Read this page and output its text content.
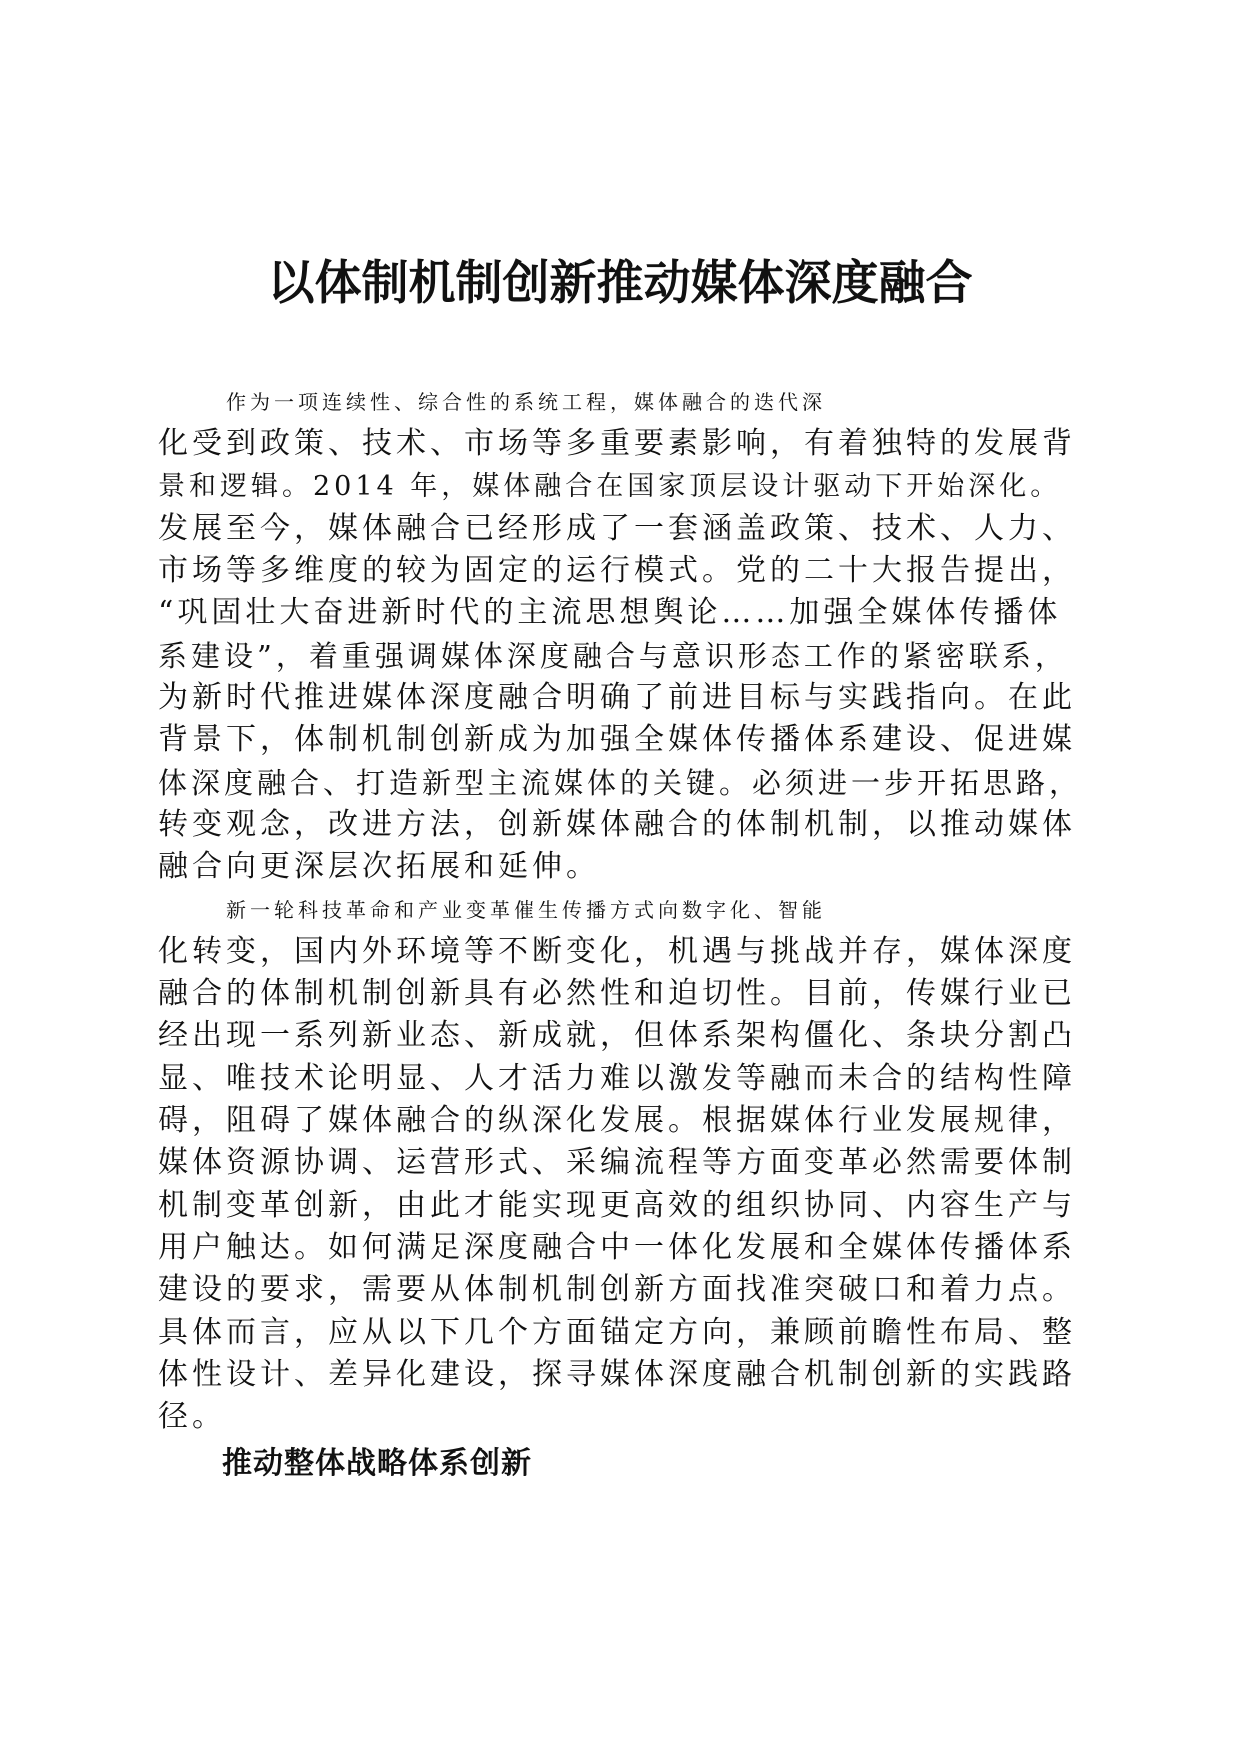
以体制机制创新推动媒体深度融合

作为一项连续性、综合性的系统工程，媒体融合的迭代深
化受到政策、技术、市场等多重要素影响，有着独特的发展背
景和逻辑。2014 年，媒体融合在国家顶层设计驱动下开始深化。
发展至今，媒体融合已经形成了一套涵盖政策、技术、人力、
市场等多维度的较为固定的运行模式。党的二十大报告提出，
“巩固壮大奋进新时代的主流思想舆论……加强全媒体传播体
系建设”，着重强调媒体深度融合与意识形态工作的紧密联系，
为新时代推进媒体深度融合明确了前进目标与实践指向。在此
背景下，体制机制创新成为加强全媒体传播体系建设、促进媒
体深度融合、打造新型主流媒体的关键。必须进一步开拓思路，
转变观念，改进方法，创新媒体融合的体制机制，以推动媒体
融合向更深层次拓展和延伸。

新一轮科技革命和产业变革催生传播方式向数字化、智能
化转变，国内外环境等不断变化，机遇与挑战并存，媒体深度
融合的体制机制创新具有必然性和迫切性。目前，传媒行业已
经出现一系列新业态、新成就，但体系架构僵化、条块分割凸
显、唯技术论明显、人才活力难以激发等融而未合的结构性障
碍，阻碍了媒体融合的纵深化发展。根据媒体行业发展规律，
媒体资源协调、运营形式、采编流程等方面变革必然需要体制
机制变革创新，由此才能实现更高效的组织协同、内容生产与
用户触达。如何满足深度融合中一体化发展和全媒体传播体系
建设的要求，需要从体制机制创新方面找准突破口和着力点。
具体而言，应从以下几个方面锚定方向，兼顾前瞻性布局、整
体性设计、差异化建设，探寻媒体深度融合机制创新的实践路
径。

推动整体战略体系创新
